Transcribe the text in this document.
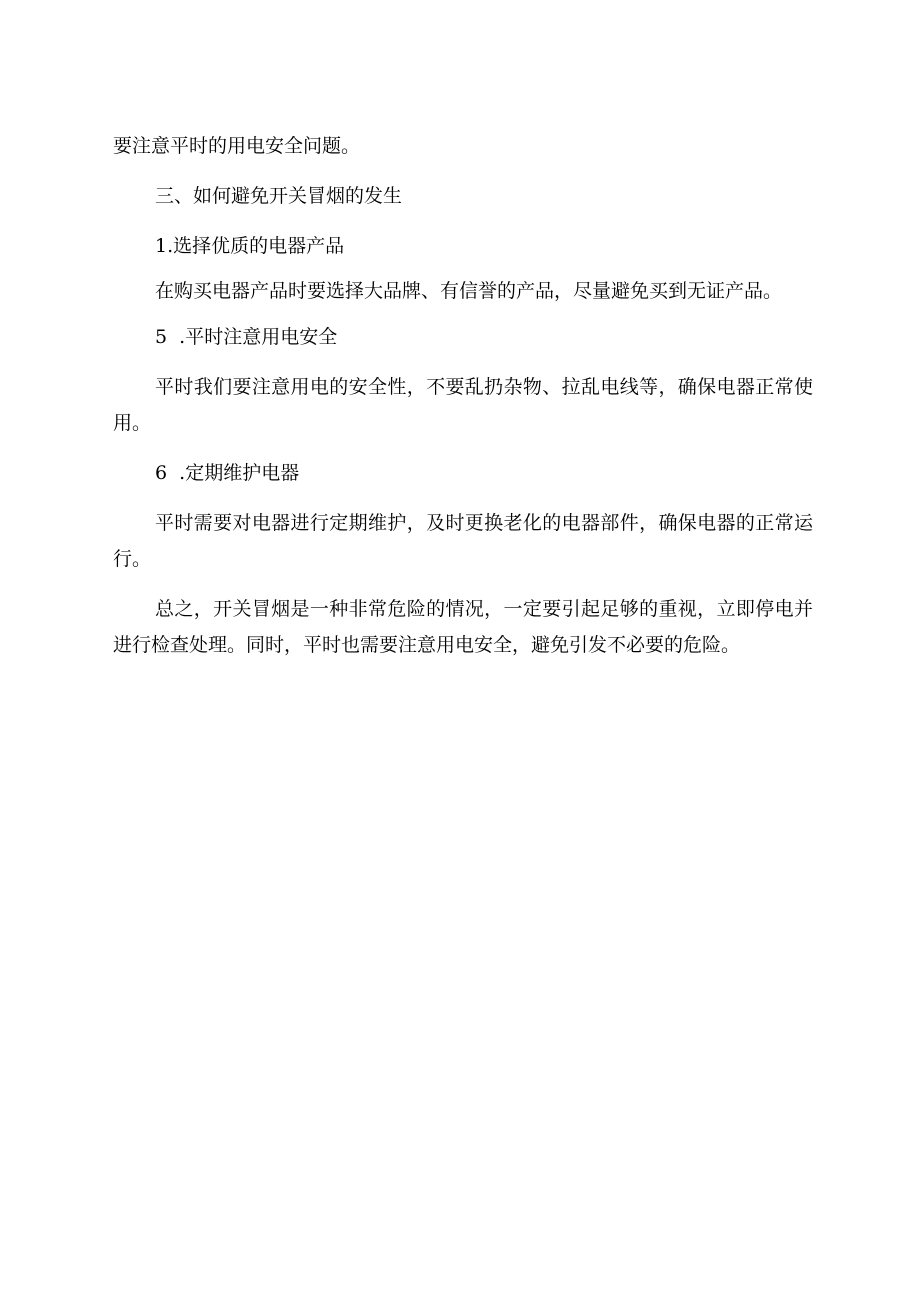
要注意平时的用电安全问题。

三、如何避免开关冒烟的发生

1.选择优质的电器产品

在购买电器产品时要选择大品牌、有信誉的产品，尽量避免买到无证产品。

5  .平时注意用电安全

平时我们要注意用电的安全性，不要乱扔杂物、拉乱电线等，确保电器正常使用。

6  .定期维护电器

平时需要对电器进行定期维护，及时更换老化的电器部件，确保电器的正常运行。

总之，开关冒烟是一种非常危险的情况，一定要引起足够的重视，立即停电并进行检查处理。同时，平时也需要注意用电安全，避免引发不必要的危险。
